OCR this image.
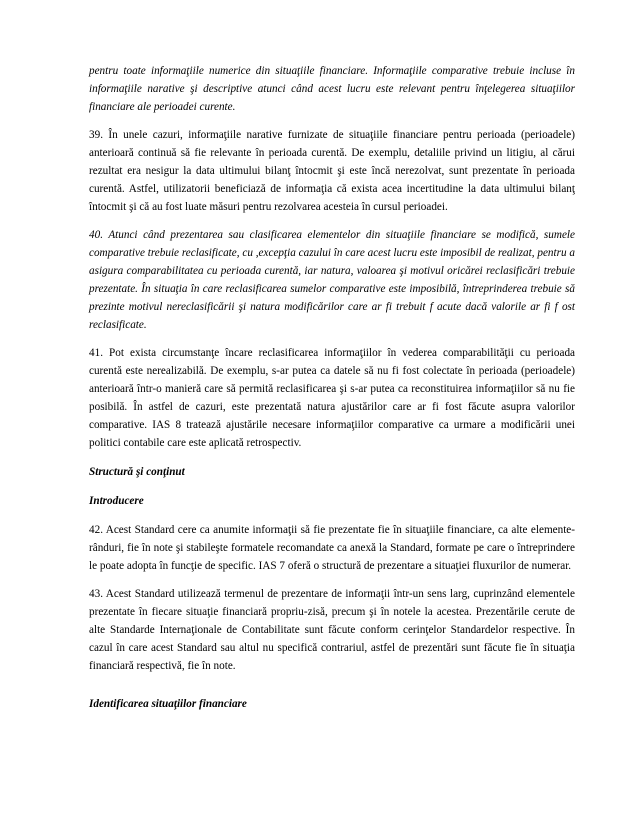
pentru toate informaţiile numerice din situaţiile financiare. Informaţiile comparative trebuie incluse în informaţiile narative şi descriptive atunci când acest lucru este relevant pentru înţelegerea situaţiilor financiare ale perioadei curente.

39. În unele cazuri, informaţiile narative furnizate de situaţiile financiare pentru perioada (perioadele) anterioară continuă să fie relevante în perioada curentă. De exemplu, detaliile privind un litigiu, al cărui rezultat era nesigur la data ultimului bilanţ întocmit şi este încă nerezolvat, sunt prezentate în perioada curentă. Astfel, utilizatorii beneficiază de informaţia că exista acea incertitudine la data ultimului bilanţ întocmit şi că au fost luate măsuri pentru rezolvarea acesteia în cursul perioadei.

40. Atunci când prezentarea sau clasificarea elementelor din situaţiile financiare se modifică, sumele comparative trebuie reclasificate, cu ,excepţia cazului în care acest lucru este imposibil de realizat, pentru a asigura comparabilitatea cu perioada curentă, iar natura, valoarea şi motivul oricărei reclasificări trebuie prezentate. În situaţia în care reclasificarea sumelor comparative este imposibilă, întreprinderea trebuie să prezinte motivul nereclasificării şi natura modificărilor care ar fi trebuit f acute dacă valorile ar fi f ost reclasificate.

41. Pot exista circumstanţe încare reclasificarea informaţiilor în vederea comparabilităţii cu perioada curentă este nerealizabilă. De exemplu, s-ar putea ca datele să nu fi fost colectate în perioada (perioadele) anterioară într-o manieră care să permită reclasificarea şi s-ar putea ca reconstituirea informaţiilor să nu fie posibilă. În astfel de cazuri, este prezentată natura ajustărilor care ar fi fost făcute asupra valorilor comparative. IAS 8 tratează ajustările necesare informaţiilor comparative ca urmare a modificării unei politici contabile care este aplicată retrospectiv.

Structură şi conţinut

Introducere

42. Acest Standard cere ca anumite informaţii să fie prezentate fie în situaţiile financiare, ca alte elemente-rânduri, fie în note şi stabileşte formatele recomandate ca anexă la Standard, formate pe care o întreprindere le poate adopta în funcţie de specific. IAS 7 oferă o structură de prezentare a situaţiei fluxurilor de numerar.

43. Acest Standard utilizează termenul de prezentare de informaţii într-un sens larg, cuprinzând elementele prezentate în fiecare situaţie financiară propriu-zisă, precum şi în notele la acestea. Prezentările cerute de alte Standarde Internaţionale de Contabilitate sunt făcute conform cerinţelor Standardelor respective. În cazul în care acest Standard sau altul nu specifică contrariul, astfel de prezentări sunt făcute fie în situaţia financiară respectivă, fie în note.

Identificarea situaţiilor financiare
